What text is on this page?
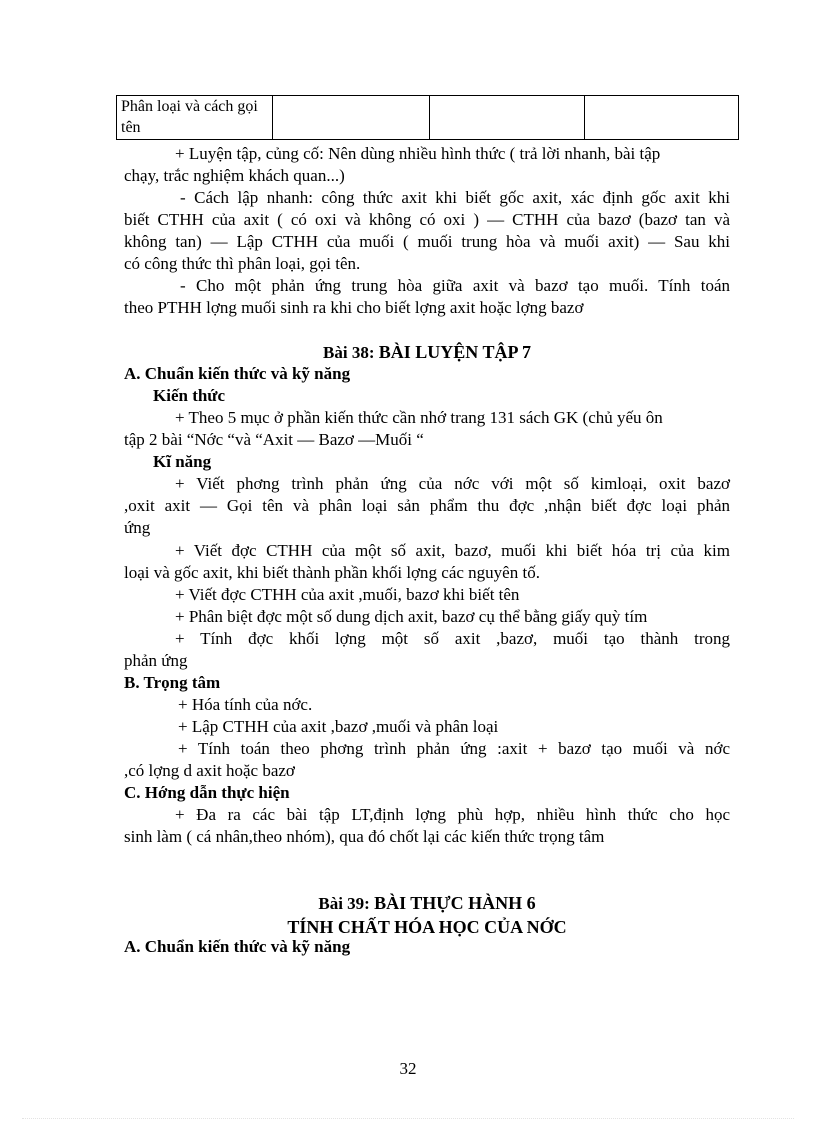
Phân loại và cách gọi tên			
+ Luyện tập, củng cố: Nên dùng nhiều hình thức ( trả lời nhanh, bài tập
chạy, trắc nghiệm khách quan...)
- Cách lập nhanh: công thức axit khi biết gốc axit, xác định gốc axit khi
biết CTHH của axit ( có oxi và không có oxi ) — CTHH của bazơ (bazơ tan và
không tan) — Lập CTHH của muối ( muối trung hòa và muối axit) — Sau khi
có công thức thì phân loại, gọi tên.
- Cho một phản ứng trung hòa giữa axit và bazơ tạo muối. Tính toán
theo PTHH lợng muối sinh ra khi cho biết lợng axit hoặc lợng bazơ
Bài 38: BÀI LUYỆN TẬP 7
A. Chuẩn kiến thức và kỹ năng
Kiến thức
+ Theo 5 mục ở phần kiến thức cần nhớ trang 131 sách GK (chủ yếu ôn
tập 2 bài “Nớc “và “Axit — Bazơ —Muối “
Kĩ năng
+ Viết phơng trình phản ứng của nớc với một số kimloại, oxit bazơ
,oxit axit — Gọi tên và phân loại sản phẩm thu đợc ,nhận biết đợc loại phản
ứng
+ Viết đợc CTHH của một số axit, bazơ, muối khi biết hóa trị của kim
loại và gốc axit, khi biết thành phần khối lợng các nguyên tố.
+ Viết đợc CTHH của axit ,muối, bazơ khi biết tên
+ Phân biệt đợc một số dung dịch axit, bazơ cụ thể bằng giấy quỳ tím
+ Tính đợc khối lợng một số axit ,bazơ, muối tạo thành trong
phản ứng
B. Trọng tâm
+ Hóa tính của nớc.
+ Lập CTHH của axit ,bazơ ,muối và phân loại
+ Tính toán theo phơng trình phản ứng :axit + bazơ tạo muối và nớc
,có lợng d axit hoặc bazơ
C. Hớng dẫn thực hiện
+ Đa ra các bài tập LT,định lợng phù hợp, nhiều hình thức cho học
sinh làm ( cá nhân,theo nhóm), qua đó chốt lại các kiến thức trọng tâm
Bài 39: BÀI THỰC HÀNH 6
TÍNH CHẤT HÓA HỌC CỦA NỚC
A. Chuẩn kiến thức và kỹ năng
32
